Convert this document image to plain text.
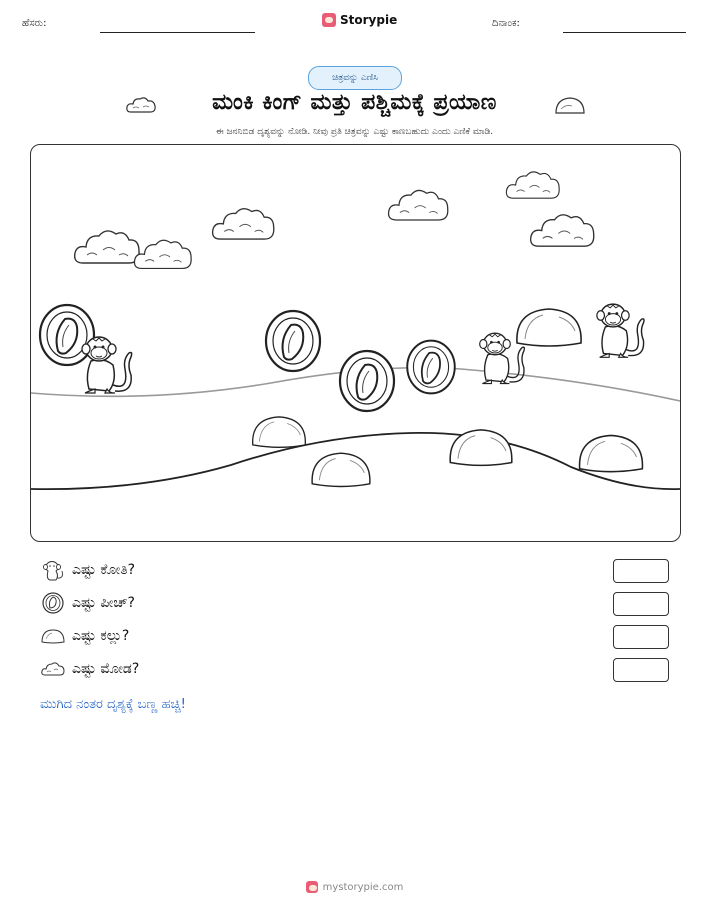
ಹೆಸರು:	Storypie	ದಿನಾಂಕ:
ಚಿತ್ರವನ್ನು ಎಣಿಸಿ
ಮಂಕಿ ಕಿಂಗ್ ಮತ್ತು ಪಶ್ಚಿಮಕ್ಕೆ ಪ್ರಯಾಣ
ಈ ಜನನಿಬಿಡ ದೃಶ್ಯವನ್ನು ನೋಡಿ. ನೀವು ಪ್ರತಿ ಚಿತ್ರವನ್ನು ಎಷ್ಟು ಕಾಣಬಹುದು ಎಂದು ಎಣಿಕೆ ಮಾಡಿ.
ಎಷ್ಟು ಕೋತಿ?
ಎಷ್ಟು ಪೀಚ್?
ಎಷ್ಟು ಕಲ್ಲು?
ಎಷ್ಟು ಮೋಡ?
ಮುಗಿದ ನಂತರ ದೃಶ್ಯಕ್ಕೆ ಬಣ್ಣ ಹಚ್ಚಿ!
mystorypie.com
